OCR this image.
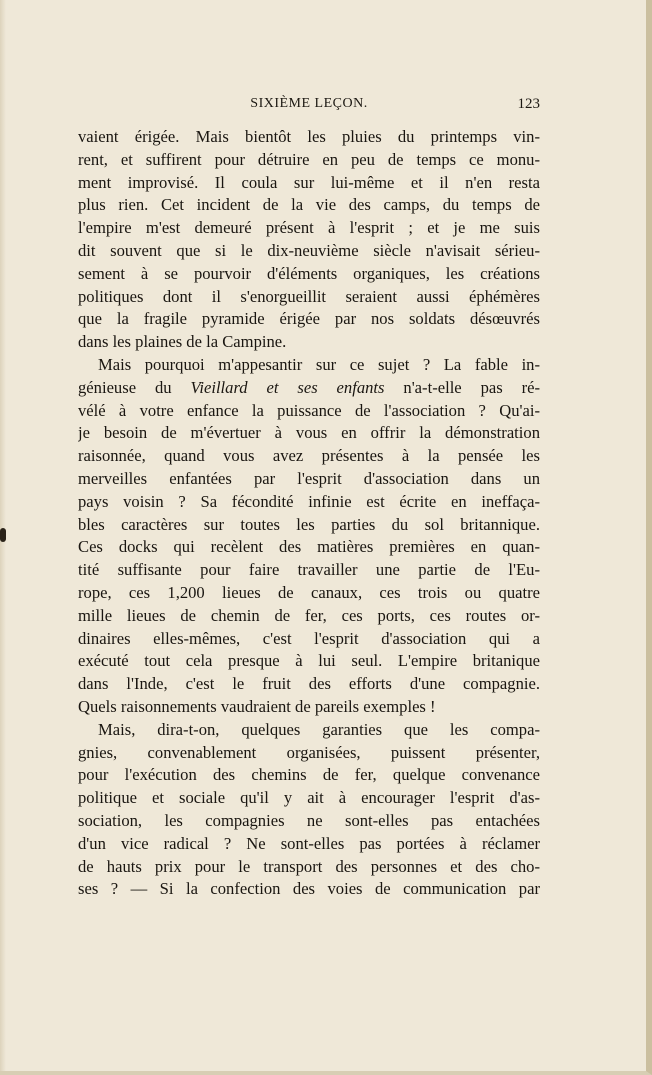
SIXIÈME LEÇON.	123
vaient érigée. Mais bientôt les pluies du printemps vin-
rent, et suffirent pour détruire en peu de temps ce monu-
ment improvisé. Il coula sur lui-même et il n'en resta
plus rien. Cet incident de la vie des camps, du temps de
l'empire m'est demeuré présent à l'esprit ; et je me suis
dit souvent que si le dix-neuvième siècle n'avisait sérieu-
sement à se pourvoir d'éléments organiques, les créations
politiques dont il s'enorgueillit seraient aussi éphémères
que la fragile pyramide érigée par nos soldats désœuvrés
dans les plaines de la Campine.
Mais pourquoi m'appesantir sur ce sujet ? La fable in-
génieuse du Vieillard et ses enfants n'a-t-elle pas ré-
vélé à votre enfance la puissance de l'association ? Qu'ai-
je besoin de m'évertuer à vous en offrir la démonstration
raisonnée, quand vous avez présentes à la pensée les
merveilles enfantées par l'esprit d'association dans un
pays voisin ? Sa fécondité infinie est écrite en ineffaça-
bles caractères sur toutes les parties du sol britannique.
Ces docks qui recèlent des matières premières en quan-
tité suffisante pour faire travailler une partie de l'Eu-
rope, ces 1,200 lieues de canaux, ces trois ou quatre
mille lieues de chemin de fer, ces ports, ces routes or-
dinaires elles-mêmes, c'est l'esprit d'association qui a
exécuté tout cela presque à lui seul. L'empire britanique
dans l'Inde, c'est le fruit des efforts d'une compagnie.
Quels raisonnements vaudraient de pareils exemples !
Mais, dira-t-on, quelques garanties que les compa-
gnies, convenablement organisées, puissent présenter,
pour l'exécution des chemins de fer, quelque convenance
politique et sociale qu'il y ait à encourager l'esprit d'as-
sociation, les compagnies ne sont-elles pas entachées
d'un vice radical ? Ne sont-elles pas portées à réclamer
de hauts prix pour le transport des personnes et des cho-
ses ? — Si la confection des voies de communication par
